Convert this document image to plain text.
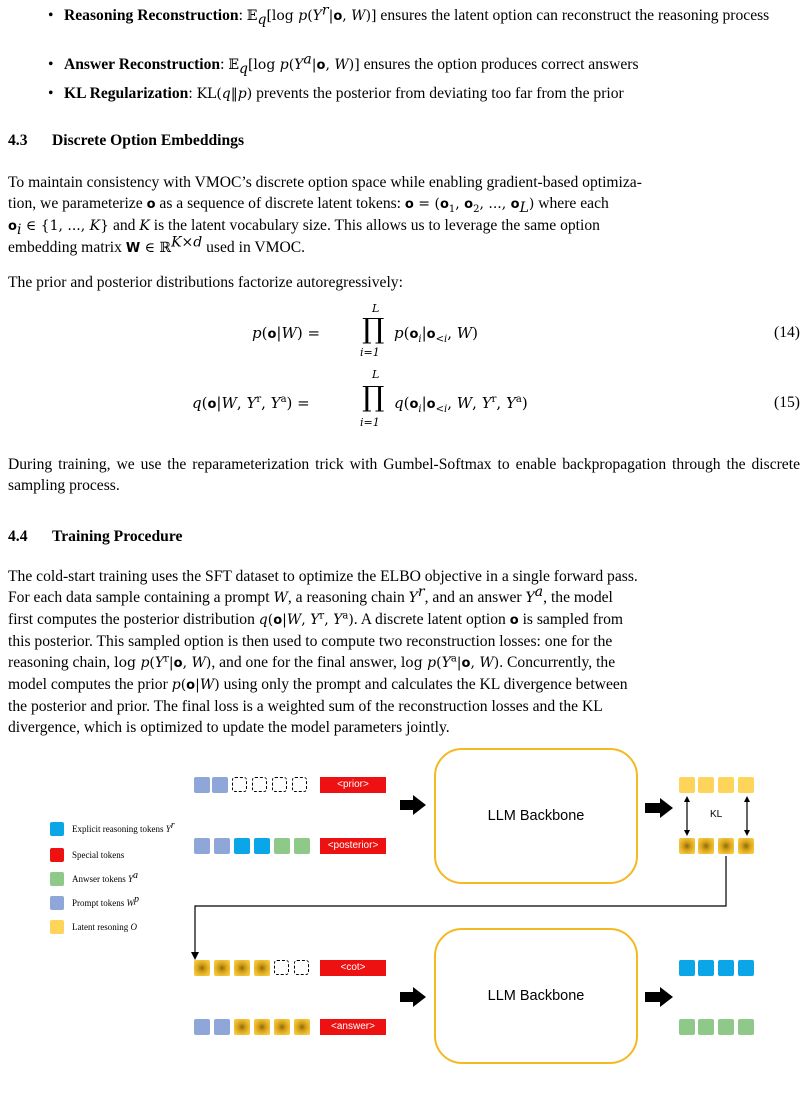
• Reasoning Reconstruction: 𝔼$_q$[log $p(Y^r|o$, W)] ensures the latent option can reconstruct the reasoning process
• Answer Reconstruction: 𝔼$_q$[log $p(Y^a|o$, W)] ensures the option produces correct answers
• KL Regularization: KL(q‖p) prevents the posterior from deviating too far from the prior
4.3 Discrete Option Embeddings
To maintain consistency with VMOC’s discrete option space while enabling gradient-based optimiza-
tion, we parameterize o as a sequence of discrete latent tokens: $o = (o_1$, $o_2$, ..., $o_L$) where each
$o_i$ ∈ {1, ..., K} and K is the latent vocabulary size. This allows us to leverage the same option
embedding matrix W ∈ ℝ$^{K\times d}$ used in VMOC.
The prior and posterior distributions factorize autoregressively:
p(o|W) =
L
∏
i=1
$p(o_i|o_{<i}$, W)	(14)
q(o|W, $Y^r$, $Y^a$) =
L
∏
i=1
$q(o_i|o_{<i}$, W, $Y^r$, $Y^a$)	(15)
During training, we use the reparameterization trick with Gumbel-Softmax to enable backpropagation through the discrete sampling process.
4.4 Training Procedure
The cold-start training uses the SFT dataset to optimize the ELBO objective in a single forward pass.
For each data sample containing a prompt W, a reasoning chain $Y^r$, and an answer $Y^a$, the model
first computes the posterior distribution q(o|W, $Y^r$, $Y^a$). A discrete latent option o is sampled from
this posterior. This sampled option is then used to compute two reconstruction losses: one for the
reasoning chain, $\log p(Y^r|o$, W), and one for the final answer, $\log p(Y^a|o$, W). Concurrently, the
model computes the prior p(o|W) using only the prompt and calculates the KL divergence between
the posterior and prior. The final loss is a weighted sum of the reconstruction losses and the KL
divergence, which is optimized to update the model parameters jointly.
Explicit reasoning tokens $Y^r$
Special tokens
Anwser tokens $Y^a$
Prompt tokens $W^p$
Latent resoning O
<prior>
<posterior>
LLM Backbone	KL
<cot>
<answer>
LLM Backbone
